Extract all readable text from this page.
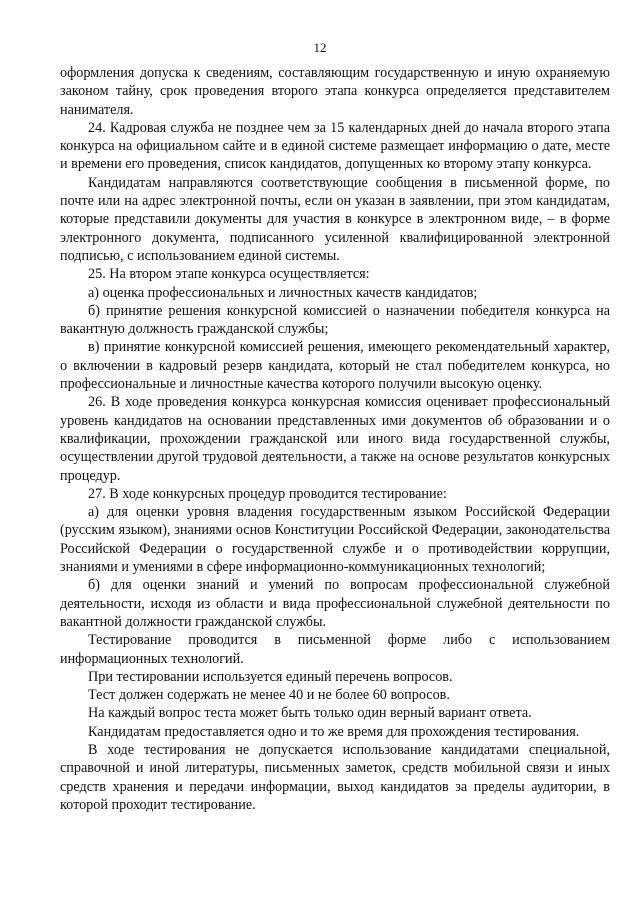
12

оформления допуска к сведениям, составляющим государственную и иную охраняемую законом тайну, срок проведения второго этапа конкурса определяется представителем нанимателя.

24. Кадровая служба не позднее чем за 15 календарных дней до начала второго этапа конкурса на официальном сайте и в единой системе размещает информацию о дате, месте и времени его проведения, список кандидатов, допущенных ко второму этапу конкурса.

Кандидатам направляются соответствующие сообщения в письменной форме, по почте или на адрес электронной почты, если он указан в заявлении, при этом кандидатам, которые представили документы для участия в конкурсе в электронном виде, – в форме электронного документа, подписанного усиленной квалифицированной электронной подписью, с использованием единой системы.

25. На втором этапе конкурса осуществляется:

а) оценка профессиональных и личностных качеств кандидатов;

б) принятие решения конкурсной комиссией о назначении победителя конкурса на вакантную должность гражданской службы;

в) принятие конкурсной комиссией решения, имеющего рекомендательный характер, о включении в кадровый резерв кандидата, который не стал победителем конкурса, но профессиональные и личностные качества которого получили высокую оценку.

26. В ходе проведения конкурса конкурсная комиссия оценивает профессиональный уровень кандидатов на основании представленных ими документов об образовании и о квалификации, прохождении гражданской или иного вида государственной службы, осуществлении другой трудовой деятельности, а также на основе результатов конкурсных процедур.

27. В ходе конкурсных процедур проводится тестирование:

а) для оценки уровня владения государственным языком Российской Федерации (русским языком), знаниями основ Конституции Российской Федерации, законодательства Российской Федерации о государственной службе и о противодействии коррупции, знаниями и умениями в сфере информационно-коммуникационных технологий;

б) для оценки знаний и умений по вопросам профессиональной служебной деятельности, исходя из области и вида профессиональной служебной деятельности по вакантной должности гражданской службы.

Тестирование проводится в письменной форме либо с использованием информационных технологий.

При тестировании используется единый перечень вопросов.

Тест должен содержать не менее 40 и не более 60 вопросов.

На каждый вопрос теста может быть только один верный вариант ответа.

Кандидатам предоставляется одно и то же время для прохождения тестирования.

В ходе тестирования не допускается использование кандидатами специальной, справочной и иной литературы, письменных заметок, средств мобильной связи и иных средств хранения и передачи информации, выход кандидатов за пределы аудитории, в которой проходит тестирование.
